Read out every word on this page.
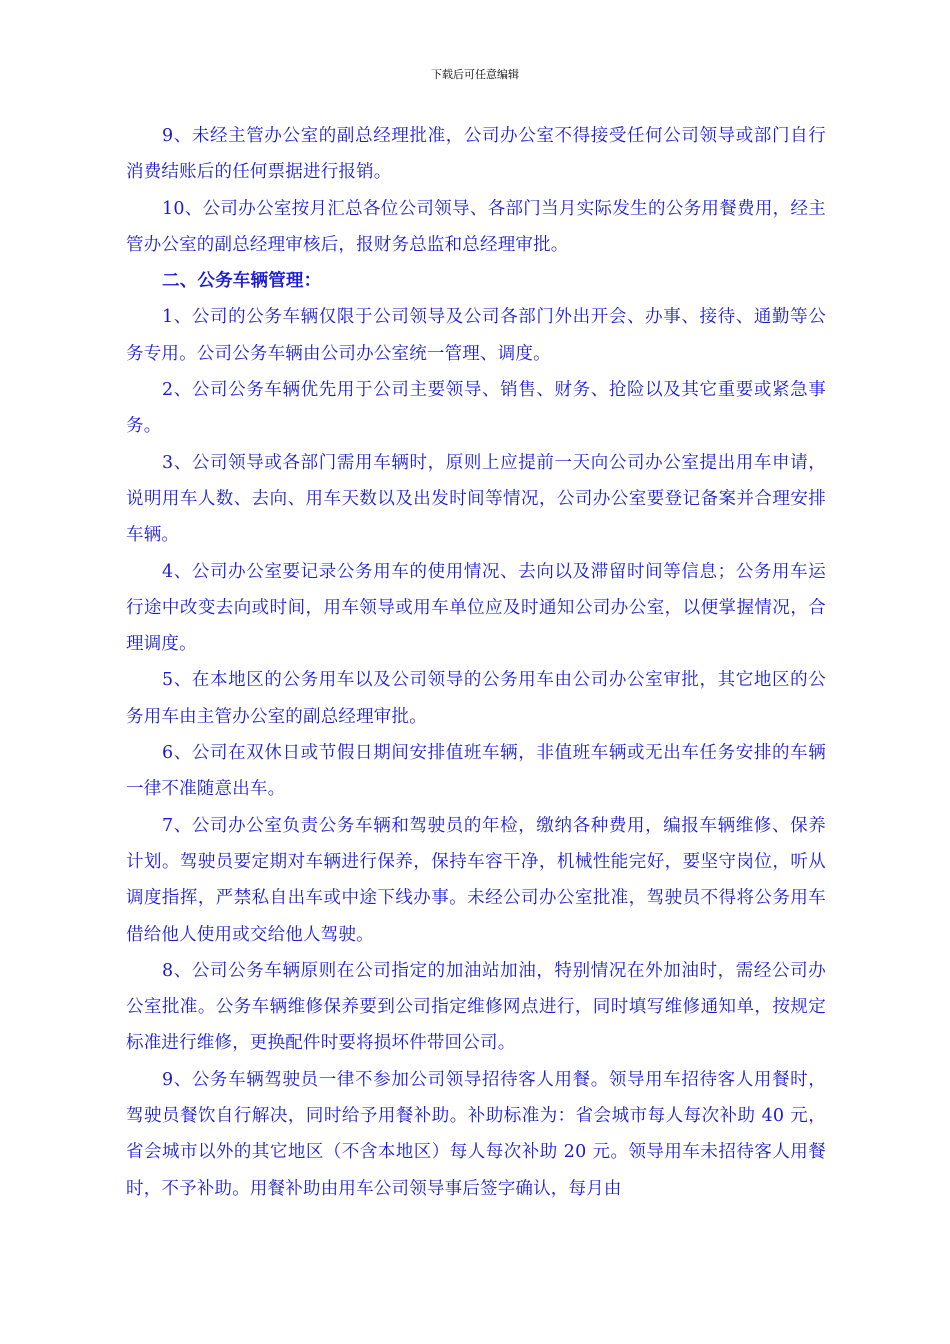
下载后可任意编辑

9、未经主管办公室的副总经理批准，公司办公室不得接受任何公司领导或部门自行消费结账后的任何票据进行报销。

10、公司办公室按月汇总各位公司领导、各部门当月实际发生的公务用餐费用，经主管办公室的副总经理审核后，报财务总监和总经理审批。

二、公务车辆管理：

1、公司的公务车辆仅限于公司领导及公司各部门外出开会、办事、接待、通勤等公务专用。公司公务车辆由公司办公室统一管理、调度。

2、公司公务车辆优先用于公司主要领导、销售、财务、抢险以及其它重要或紧急事务。

3、公司领导或各部门需用车辆时，原则上应提前一天向公司办公室提出用车申请，说明用车人数、去向、用车天数以及出发时间等情况，公司办公室要登记备案并合理安排车辆。

4、公司办公室要记录公务用车的使用情况、去向以及滞留时间等信息；公务用车运行途中改变去向或时间，用车领导或用车单位应及时通知公司办公室，以便掌握情况，合理调度。

5、在本地区的公务用车以及公司领导的公务用车由公司办公室审批，其它地区的公务用车由主管办公室的副总经理审批。

6、公司在双休日或节假日期间安排值班车辆，非值班车辆或无出车任务安排的车辆一律不准随意出车。

7、公司办公室负责公务车辆和驾驶员的年检，缴纳各种费用，编报车辆维修、保养计划。驾驶员要定期对车辆进行保养，保持车容干净，机械性能完好，要坚守岗位，听从调度指挥，严禁私自出车或中途下线办事。未经公司办公室批准，驾驶员不得将公务用车借给他人使用或交给他人驾驶。

8、公司公务车辆原则在公司指定的加油站加油，特别情况在外加油时，需经公司办公室批准。公务车辆维修保养要到公司指定维修网点进行，同时填写维修通知单，按规定标准进行维修，更换配件时要将损坏件带回公司。

9、公务车辆驾驶员一律不参加公司领导招待客人用餐。领导用车招待客人用餐时，驾驶员餐饮自行解决，同时给予用餐补助。补助标准为：省会城市每人每次补助 40 元，省会城市以外的其它地区（不含本地区）每人每次补助 20 元。领导用车未招待客人用餐时，不予补助。用餐补助由用车公司领导事后签字确认，每月由
